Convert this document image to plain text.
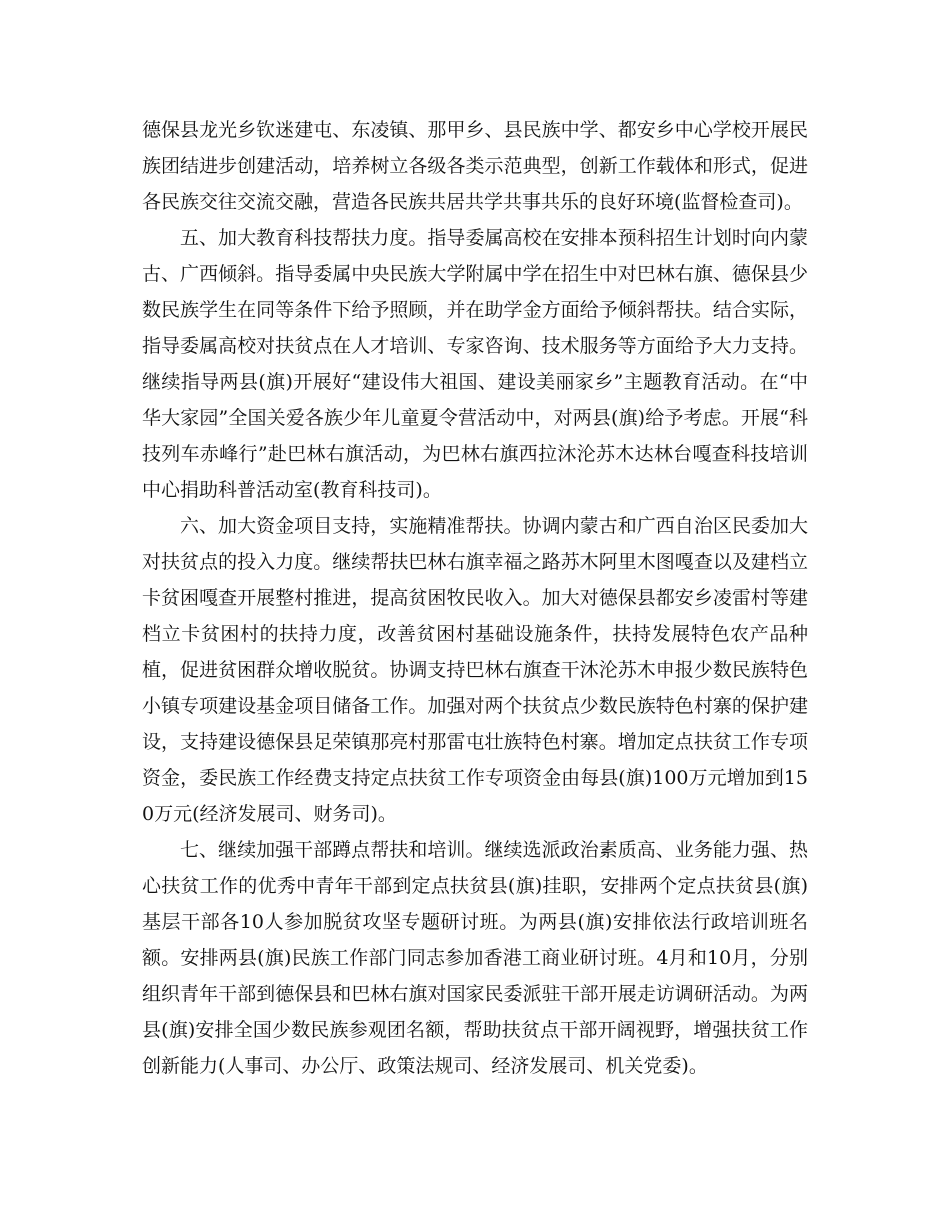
德保县龙光乡钦迷建屯、东凌镇、那甲乡、县民族中学、都安乡中心学校开展民族团结进步创建活动，培养树立各级各类示范典型，创新工作载体和形式，促进各民族交往交流交融，营造各民族共居共学共事共乐的良好环境(监督检查司)。

五、加大教育科技帮扶力度。指导委属高校在安排本预科招生计划时向内蒙古、广西倾斜。指导委属中央民族大学附属中学在招生中对巴林右旗、德保县少数民族学生在同等条件下给予照顾，并在助学金方面给予倾斜帮扶。结合实际，指导委属高校对扶贫点在人才培训、专家咨询、技术服务等方面给予大力支持。继续指导两县(旗)开展好“建设伟大祖国、建设美丽家乡”主题教育活动。在“中华大家园”全国关爱各族少年儿童夏令营活动中，对两县(旗)给予考虑。开展“科技列车赤峰行”赴巴林右旗活动，为巴林右旗西拉沐沦苏木达林台嘎查科技培训中心捐助科普活动室(教育科技司)。

六、加大资金项目支持，实施精准帮扶。协调内蒙古和广西自治区民委加大对扶贫点的投入力度。继续帮扶巴林右旗幸福之路苏木阿里木图嘎查以及建档立卡贫困嘎查开展整村推进，提高贫困牧民收入。加大对德保县都安乡凌雷村等建档立卡贫困村的扶持力度，改善贫困村基础设施条件，扶持发展特色农产品种植，促进贫困群众增收脱贫。协调支持巴林右旗查干沐沦苏木申报少数民族特色小镇专项建设基金项目储备工作。加强对两个扶贫点少数民族特色村寨的保护建设，支持建设德保县足荣镇那亮村那雷屯壮族特色村寨。增加定点扶贫工作专项资金，委民族工作经费支持定点扶贫工作专项资金由每县(旗)100万元增加到150万元(经济发展司、财务司)。

七、继续加强干部蹲点帮扶和培训。继续选派政治素质高、业务能力强、热心扶贫工作的优秀中青年干部到定点扶贫县(旗)挂职，安排两个定点扶贫县(旗)基层干部各10人参加脱贫攻坚专题研讨班。为两县(旗)安排依法行政培训班名额。安排两县(旗)民族工作部门同志参加香港工商业研讨班。4月和10月，分别组织青年干部到德保县和巴林右旗对国家民委派驻干部开展走访调研活动。为两县(旗)安排全国少数民族参观团名额，帮助扶贫点干部开阔视野，增强扶贫工作创新能力(人事司、办公厅、政策法规司、经济发展司、机关党委)。
